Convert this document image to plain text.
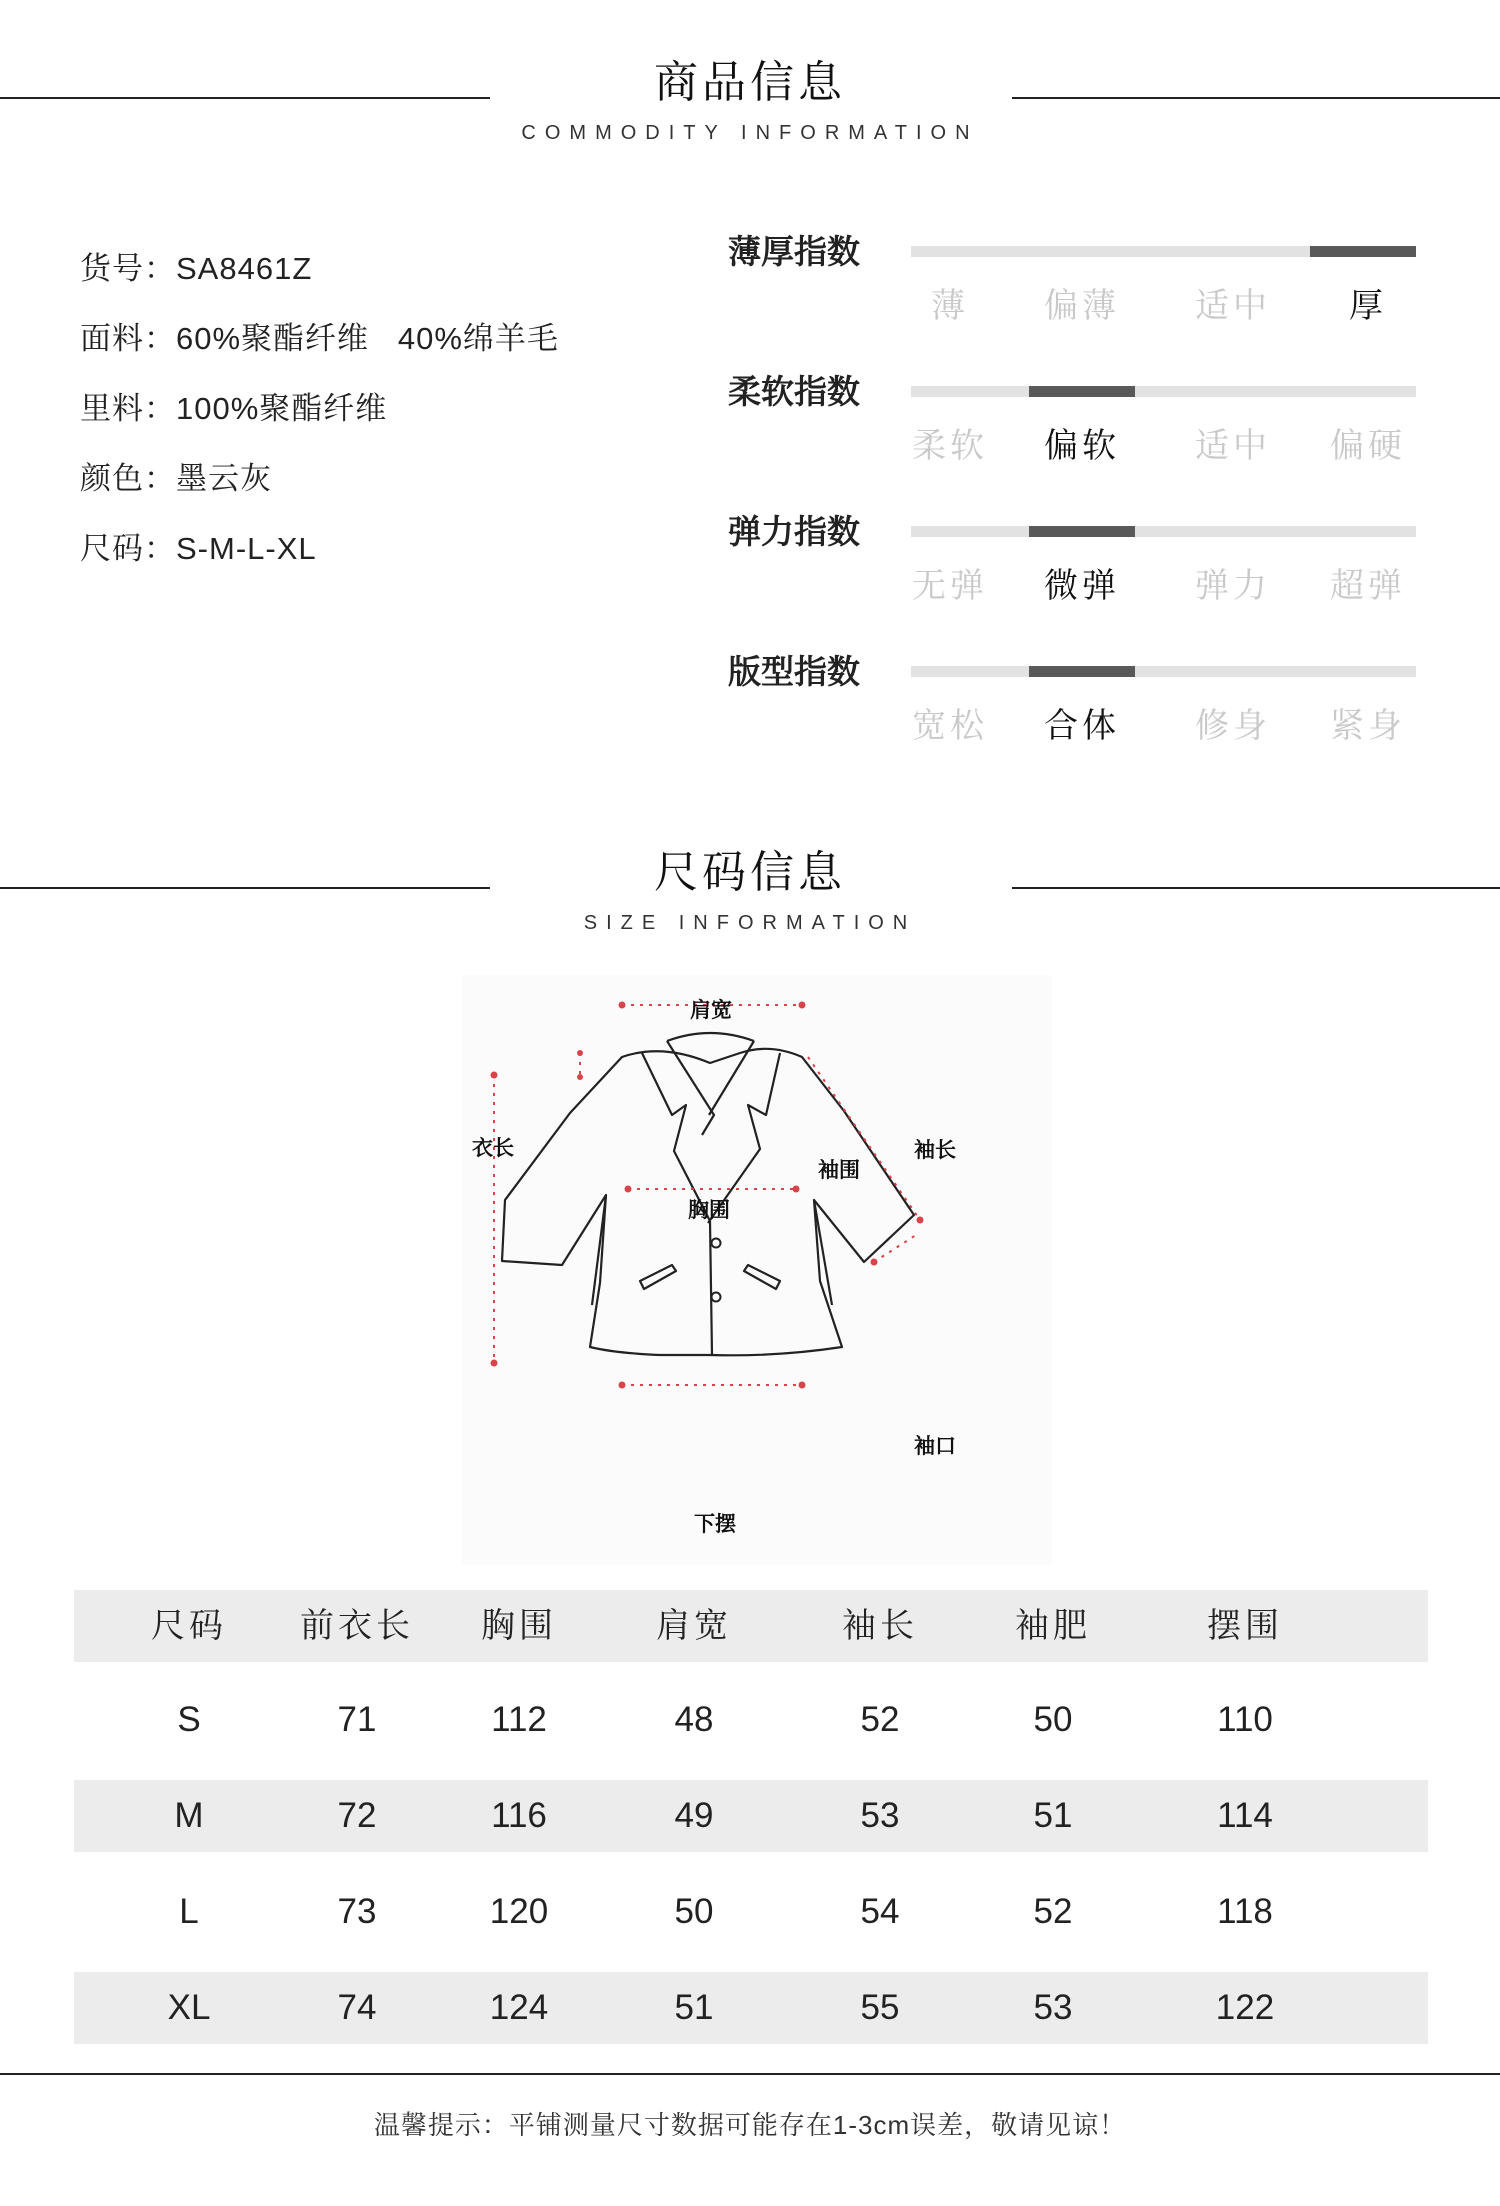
商品信息
COMMODITY INFORMATION
货号： SA8461Z
面料： 60%聚酯纤维   40%绵羊毛
里料： 100%聚酯纤维
颜色： 墨云灰
尺码： S-M-L-XL
薄厚指数
薄	偏薄	适中	厚
柔软指数
柔软	偏软	适中	偏硬
弹力指数
无弹	微弹	弹力	超弹
版型指数
宽松	合体	修身	紧身
尺码信息
SIZE INFORMATION
肩宽
衣长	袖长
袖围
胸围
袖口
下摆
尺码	前衣长	胸围	肩宽	袖长	袖肥	摆围
S	71	112	48	52	50	110
M	72	116	49	53	51	114
L	73	120	50	54	52	118
XL	74	124	51	55	53	122
温馨提示：平铺测量尺寸数据可能存在1-3cm误差，敬请见谅！
